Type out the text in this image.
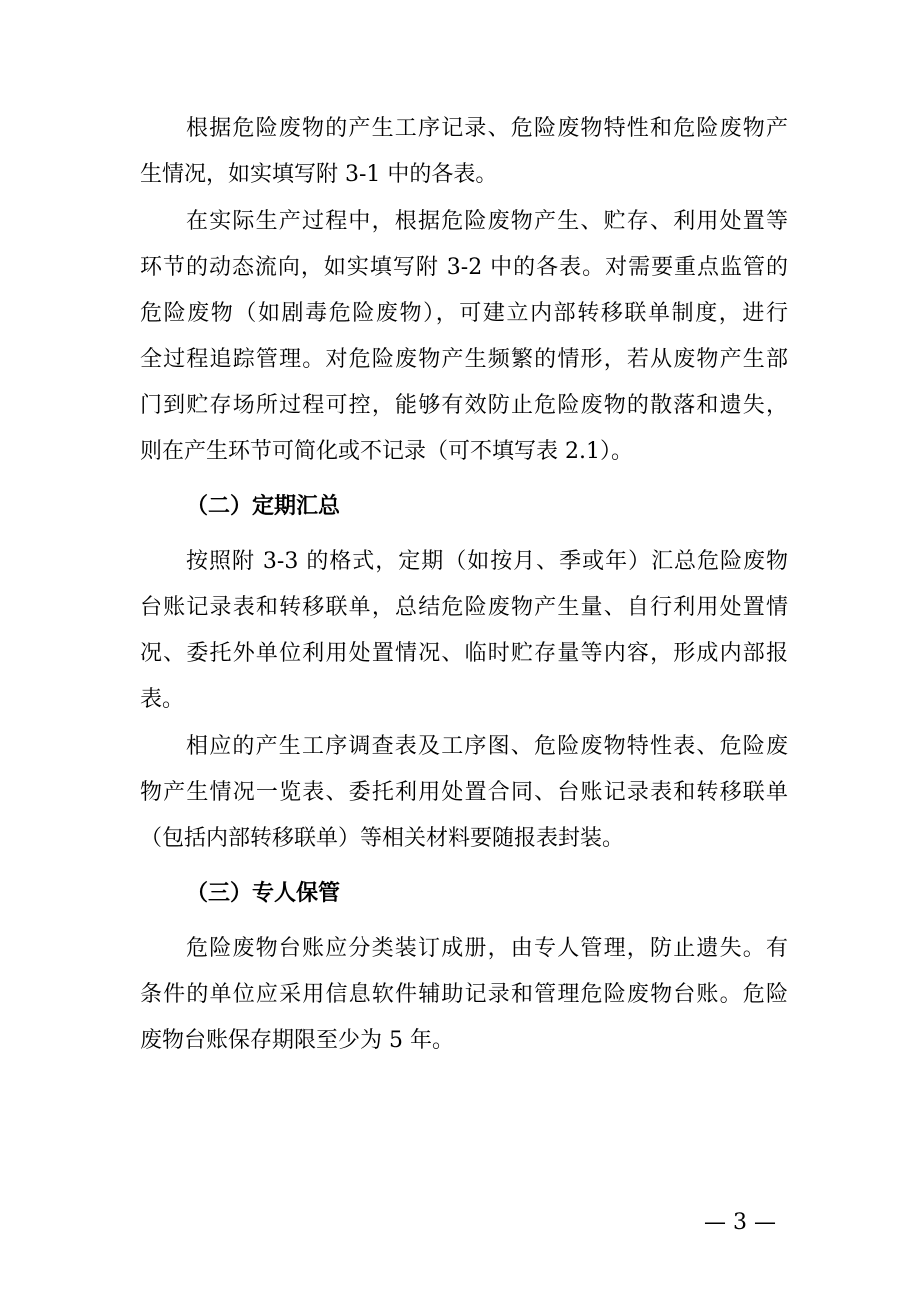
根据危险废物的产生工序记录、危险废物特性和危险废物产
生情况，如实填写附 3-1 中的各表。
在实际生产过程中，根据危险废物产生、贮存、利用处置等
环节的动态流向，如实填写附 3-2 中的各表。对需要重点监管的
危险废物（如剧毒危险废物），可建立内部转移联单制度，进行
全过程追踪管理。对危险废物产生频繁的情形，若从废物产生部
门到贮存场所过程可控，能够有效防止危险废物的散落和遗失，
则在产生环节可简化或不记录（可不填写表 2.1）。
（二）定期汇总
按照附 3-3 的格式，定期（如按月、季或年）汇总危险废物
台账记录表和转移联单，总结危险废物产生量、自行利用处置情
况、委托外单位利用处置情况、临时贮存量等内容，形成内部报
表。
相应的产生工序调查表及工序图、危险废物特性表、危险废
物产生情况一览表、委托利用处置合同、台账记录表和转移联单
（包括内部转移联单）等相关材料要随报表封装。
（三）专人保管
危险废物台账应分类装订成册，由专人管理，防止遗失。有
条件的单位应采用信息软件辅助记录和管理危险废物台账。危险
废物台账保存期限至少为 5 年。
— 3 —
